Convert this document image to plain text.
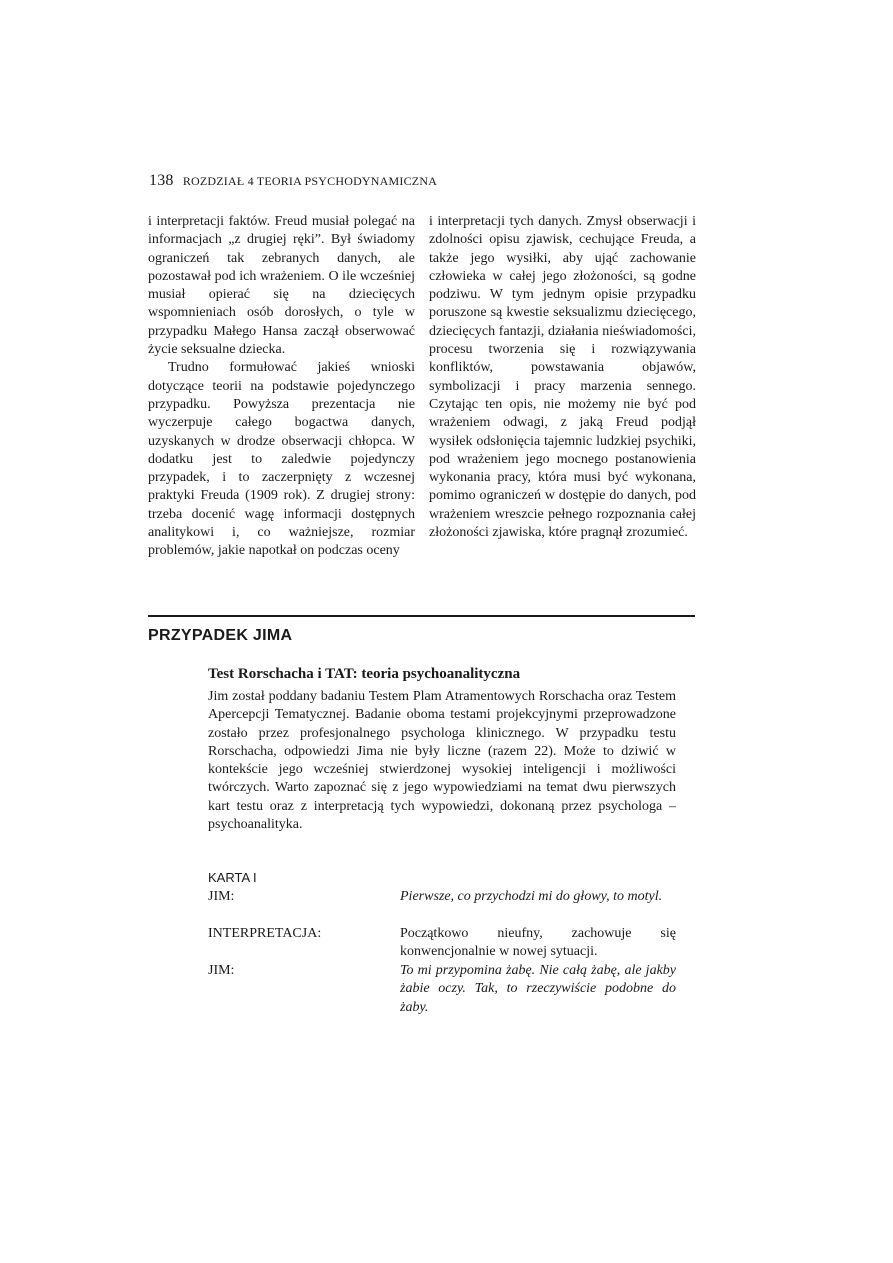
138 ROZDZIAŁ 4 TEORIA PSYCHODYNAMICZNA

i interpretacji faktów. Freud musiał polegać na informacjach „z drugiej ręki”. Był świadomy ograniczeń tak zebranych danych, ale pozostawał pod ich wrażeniem. O ile wcześniej musiał opierać się na dziecięcych wspomnieniach osób dorosłych, o tyle w przypadku Małego Hansa zaczął obserwować życie seksualne dziecka.

Trudno formułować jakieś wnioski dotyczące teorii na podstawie pojedynczego przypadku. Powyższa prezentacja nie wyczerpuje całego bogactwa danych, uzyskanych w drodze obserwacji chłopca. W dodatku jest to zaledwie pojedynczy przypadek, i to zaczerpnięty z wczesnej praktyki Freuda (1909 rok). Z drugiej strony: trzeba docenić wagę informacji dostępnych analitykowi i, co ważniejsze, rozmiar problemów, jakie napotkał on podczas oceny

i interpretacji tych danych. Zmysł obserwacji i zdolności opisu zjawisk, cechujące Freuda, a także jego wysiłki, aby ująć zachowanie człowieka w całej jego złożoności, są godne podziwu. W tym jednym opisie przypadku poruszone są kwestie seksualizmu dziecięcego, dziecięcych fantazji, działania nieświadomości, procesu tworzenia się i rozwiązywania konfliktów, powstawania objawów, symbolizacji i pracy marzenia sennego. Czytając ten opis, nie możemy nie być pod wrażeniem odwagi, z jaką Freud podjął wysiłek odsłonięcia tajemnic ludzkiej psychiki, pod wrażeniem jego mocnego postanowienia wykonania pracy, która musi być wykonana, pomimo ograniczeń w dostępie do danych, pod wrażeniem wreszcie pełnego rozpoznania całej złożoności zjawiska, które pragnął zrozumieć.

PRZYPADEK JIMA
Test Rorschacha i TAT: teoria psychoanalityczna

Jim został poddany badaniu Testem Plam Atramentowych Rorschacha oraz Testem Apercepcji Tematycznej. Badanie oboma testami projekcyjnymi przeprowadzone zostało przez profesjonalnego psychologa klinicznego. W przypadku testu Rorschacha, odpowiedzi Jima nie były liczne (razem 22). Może to dziwić w kontekście jego wcześniej stwierdzonej wysokiej inteligencji i możliwości twórczych. Warto zapoznać się z jego wypowiedziami na temat dwu pierwszych kart testu oraz z interpretacją tych wypowiedzi, dokonaną przez psychologa – psychoanalityka.

KARTA I
JIM:	Pierwsze, co przychodzi mi do głowy, to motyl.
INTERPRETACJA:	Początkowo nieufny, zachowuje się konwencjonalnie w nowej sytuacji.
JIM:	To mi przypomina żabę. Nie całą żabę, ale jakby żabie oczy. Tak, to rzeczywiście podobne do żaby.
